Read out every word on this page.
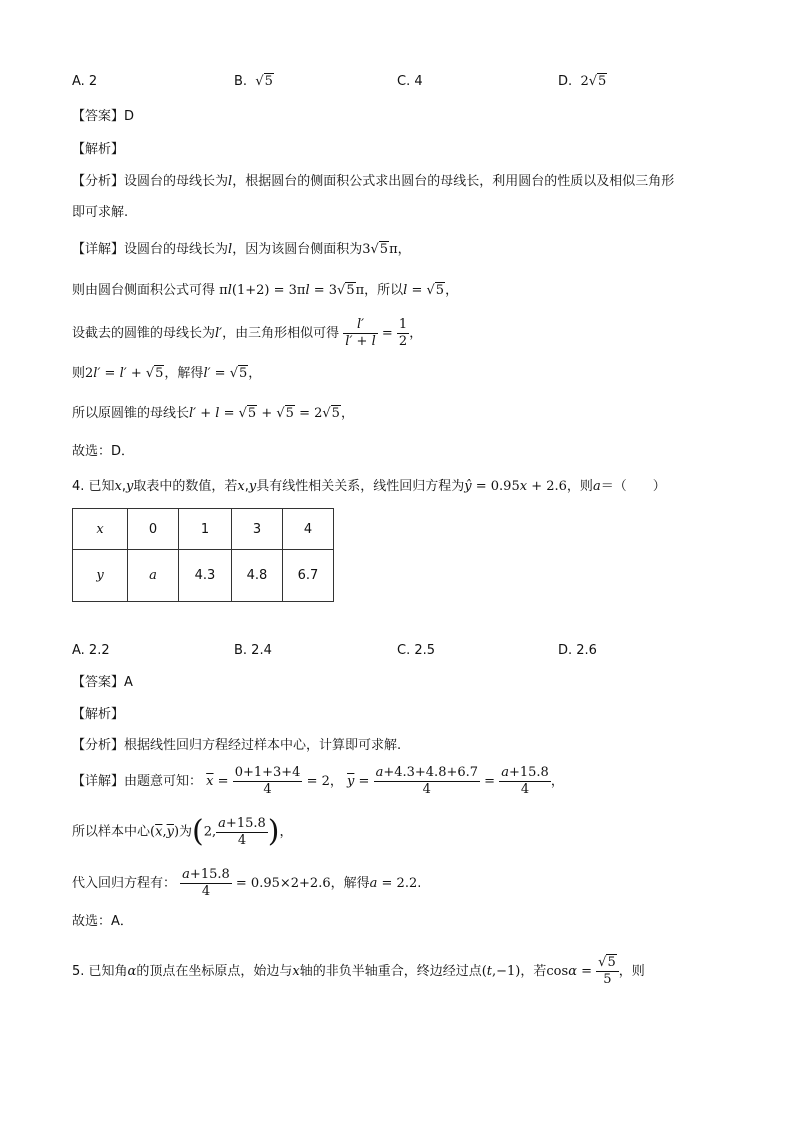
A. 2	B.  √5	C. 4	D. 2√5
【答案】D
【解析】
【分析】设圆台的母线长为l，根据圆台的侧面积公式求出圆台的母线长，利用圆台的性质以及相似三角形
即可求解.
【详解】设圆台的母线长为l，因为该圆台侧面积为3√5π，
则由圆台侧面积公式可得 πl(1+2) = 3πl = 3√5π，所以l = √5，
设截去的圆锥的母线长为l′，由三角形相似可得 $\frac{l'}{l' + l} = \frac{1}{2}$ ，
则2l′ = l′ + √5，解得l′ = √5，
所以原圆锥的母线长l′ + l = √5 + √5 = 2√5，
故选：D．
4. 已知x,y取表中的数值，若x,y具有线性相关关系，线性回归方程为ŷ = 0.95x + 2.6，则a＝（　　）
x	0	1	3	4
y	a	4.3	4.8	6.7
A. 2.2	B. 2.4	C. 2.5	D. 2.6
【答案】A
【解析】
【分析】根据线性回归方程经过样本中心，计算即可求解.
【详解】由题意可知： $\overline{x} = \frac{0+1+3+4}{4} = 2$， $\overline{y} = \frac{a+4.3+4.8+6.7}{4} = \frac{a+15.8}{4}$ ，
所以样本中心$(\overline{x},\overline{y})$为(2, $\frac{a+15.8}{4}$ )，
代入回归方程有： $\frac{a+15.8}{4} = 0.95\times 2+2.6$，解得a = 2.2.
故选：A．
5. 已知角α的顶点在坐标原点，始边与x轴的非负半轴重合，终边经过点(t,−1)，若$\cos\alpha = \frac{√5}{5}$ ，则
